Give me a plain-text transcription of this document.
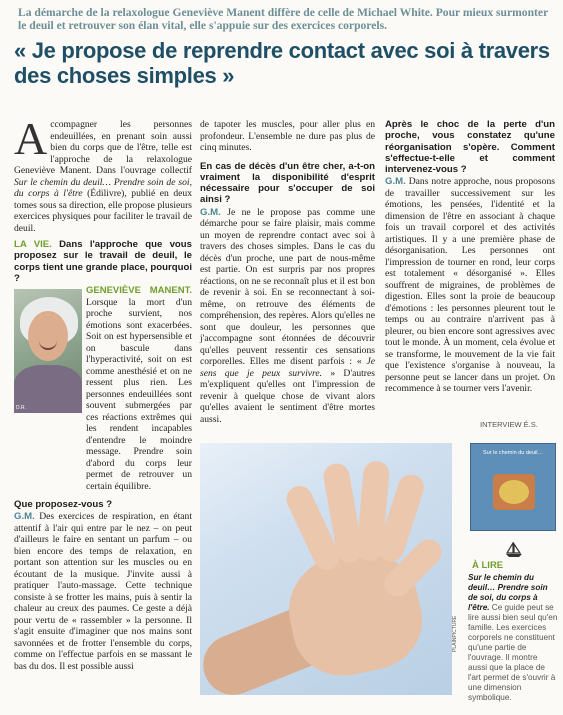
La démarche de la relaxologue Geneviève Manent diffère de celle de Michael White. Pour mieux surmonter le deuil et retrouver son élan vital, elle s'appuie sur des exercices corporels.
« Je propose de reprendre contact avec soi à travers des choses simples »

Accompagner les personnes endeuillées, en prenant soin aussi bien du corps que de l'être, telle est l'approche de la relaxologue Geneviève Manent. Dans l'ouvrage collectif Sur le chemin du deuil… Prendre soin de soi, du corps à l'être (Édilivre), publié en deux tomes sous sa direction, elle propose plusieurs exercices physiques pour faciliter le travail de deuil.

LA VIE. Dans l'approche que vous proposez sur le travail de deuil, le corps tient une grande place, pourquoi ?

GENEVIÈVE MANENT. Lorsque la mort d'un proche survient, nos émotions sont exacerbées. Soit on est hypersensible et on bascule dans l'hyperactivité, soit on est comme anesthésié et on ne ressent plus rien. Les personnes endeuillées sont souvent submergées par ces réactions extrêmes qui les rendent incapables d'entendre le moindre message. Prendre soin d'abord du corps leur permet de retrouver un certain équilibre.

Que proposez-vous ?

G.M. Des exercices de respiration, en étant attentif à l'air qui entre par le nez – on peut d'ailleurs le faire en sentant un parfum – ou bien encore des temps de relaxation, en portant son attention sur les muscles ou en écoutant de la musique. J'invite aussi à pratiquer l'auto-massage. Cette technique consiste à se frotter les mains, puis à sentir la chaleur au creux des paumes. Ce geste a déjà pour vertu de « rassembler » la personne. Il s'agit ensuite d'imaginer que nos mains sont savonnées et de frotter l'ensemble du corps, comme on l'effectue parfois en se massant le bas du dos. Il est possible aussi

D.R.

de tapoter les muscles, pour aller plus en profondeur. L'ensemble ne dure pas plus de cinq minutes.

En cas de décès d'un être cher, a-t-on vraiment la disponibilité d'esprit nécessaire pour s'occuper de soi ainsi ?

G.M. Je ne le propose pas comme une démarche pour se faire plaisir, mais comme un moyen de reprendre contact avec soi à travers des choses simples. Dans le cas du décès d'un proche, une part de nous-même est partie. On est surpris par nos propres réactions, on ne se reconnaît plus et il est bon de revenir à soi. En se reconnectant à soi-même, on retrouve des éléments de compréhension, des repères. Alors qu'elles ne sont que douleur, les personnes que j'accompagne sont étonnées de découvrir qu'elles peuvent ressentir ces sensations corporelles. Elles me disent parfois : « Je sens que je peux survivre. » D'autres m'expliquent qu'elles ont l'impression de revenir à quelque chose de vivant alors qu'elles avaient le sentiment d'être mortes aussi.

Après le choc de la perte d'un proche, vous constatez qu'une réorganisation s'opère. Comment s'effectue-t-elle et comment intervenez-vous ?

G.M. Dans notre approche, nous proposons de travailler successivement sur les émotions, les pensées, l'identité et la dimension de l'être en associant à chaque fois un travail corporel et des activités artistiques. Il y a une première phase de désorganisation. Les personnes ont l'impression de tourner en rond, leur corps est totalement « désorganisé ». Elles souffrent de migraines, de problèmes de digestion. Elles sont la proie de beaucoup d'émotions : les personnes pleurent tout le temps ou au contraire n'arrivent pas à pleurer, ou bien encore sont agressives avec tout le monde. À un moment, cela évolue et se transforme, le mouvement de la vie fait que l'existence s'organise à nouveau, la personne peut se lancer dans un projet. On recommence à se tourner vers l'avenir.

INTERVIEW É.S.
PLAINPICTURE
Sur le chemin du deuil…
À LIRE
Sur le chemin du deuil… Prendre soin de soi, du corps à l'être. Ce guide peut se lire aussi bien seul qu'en famille. Les exercices corporels ne constituent qu'une partie de l'ouvrage. Il montre aussi que la place de l'art permet de s'ouvrir à une dimension symbolique.
